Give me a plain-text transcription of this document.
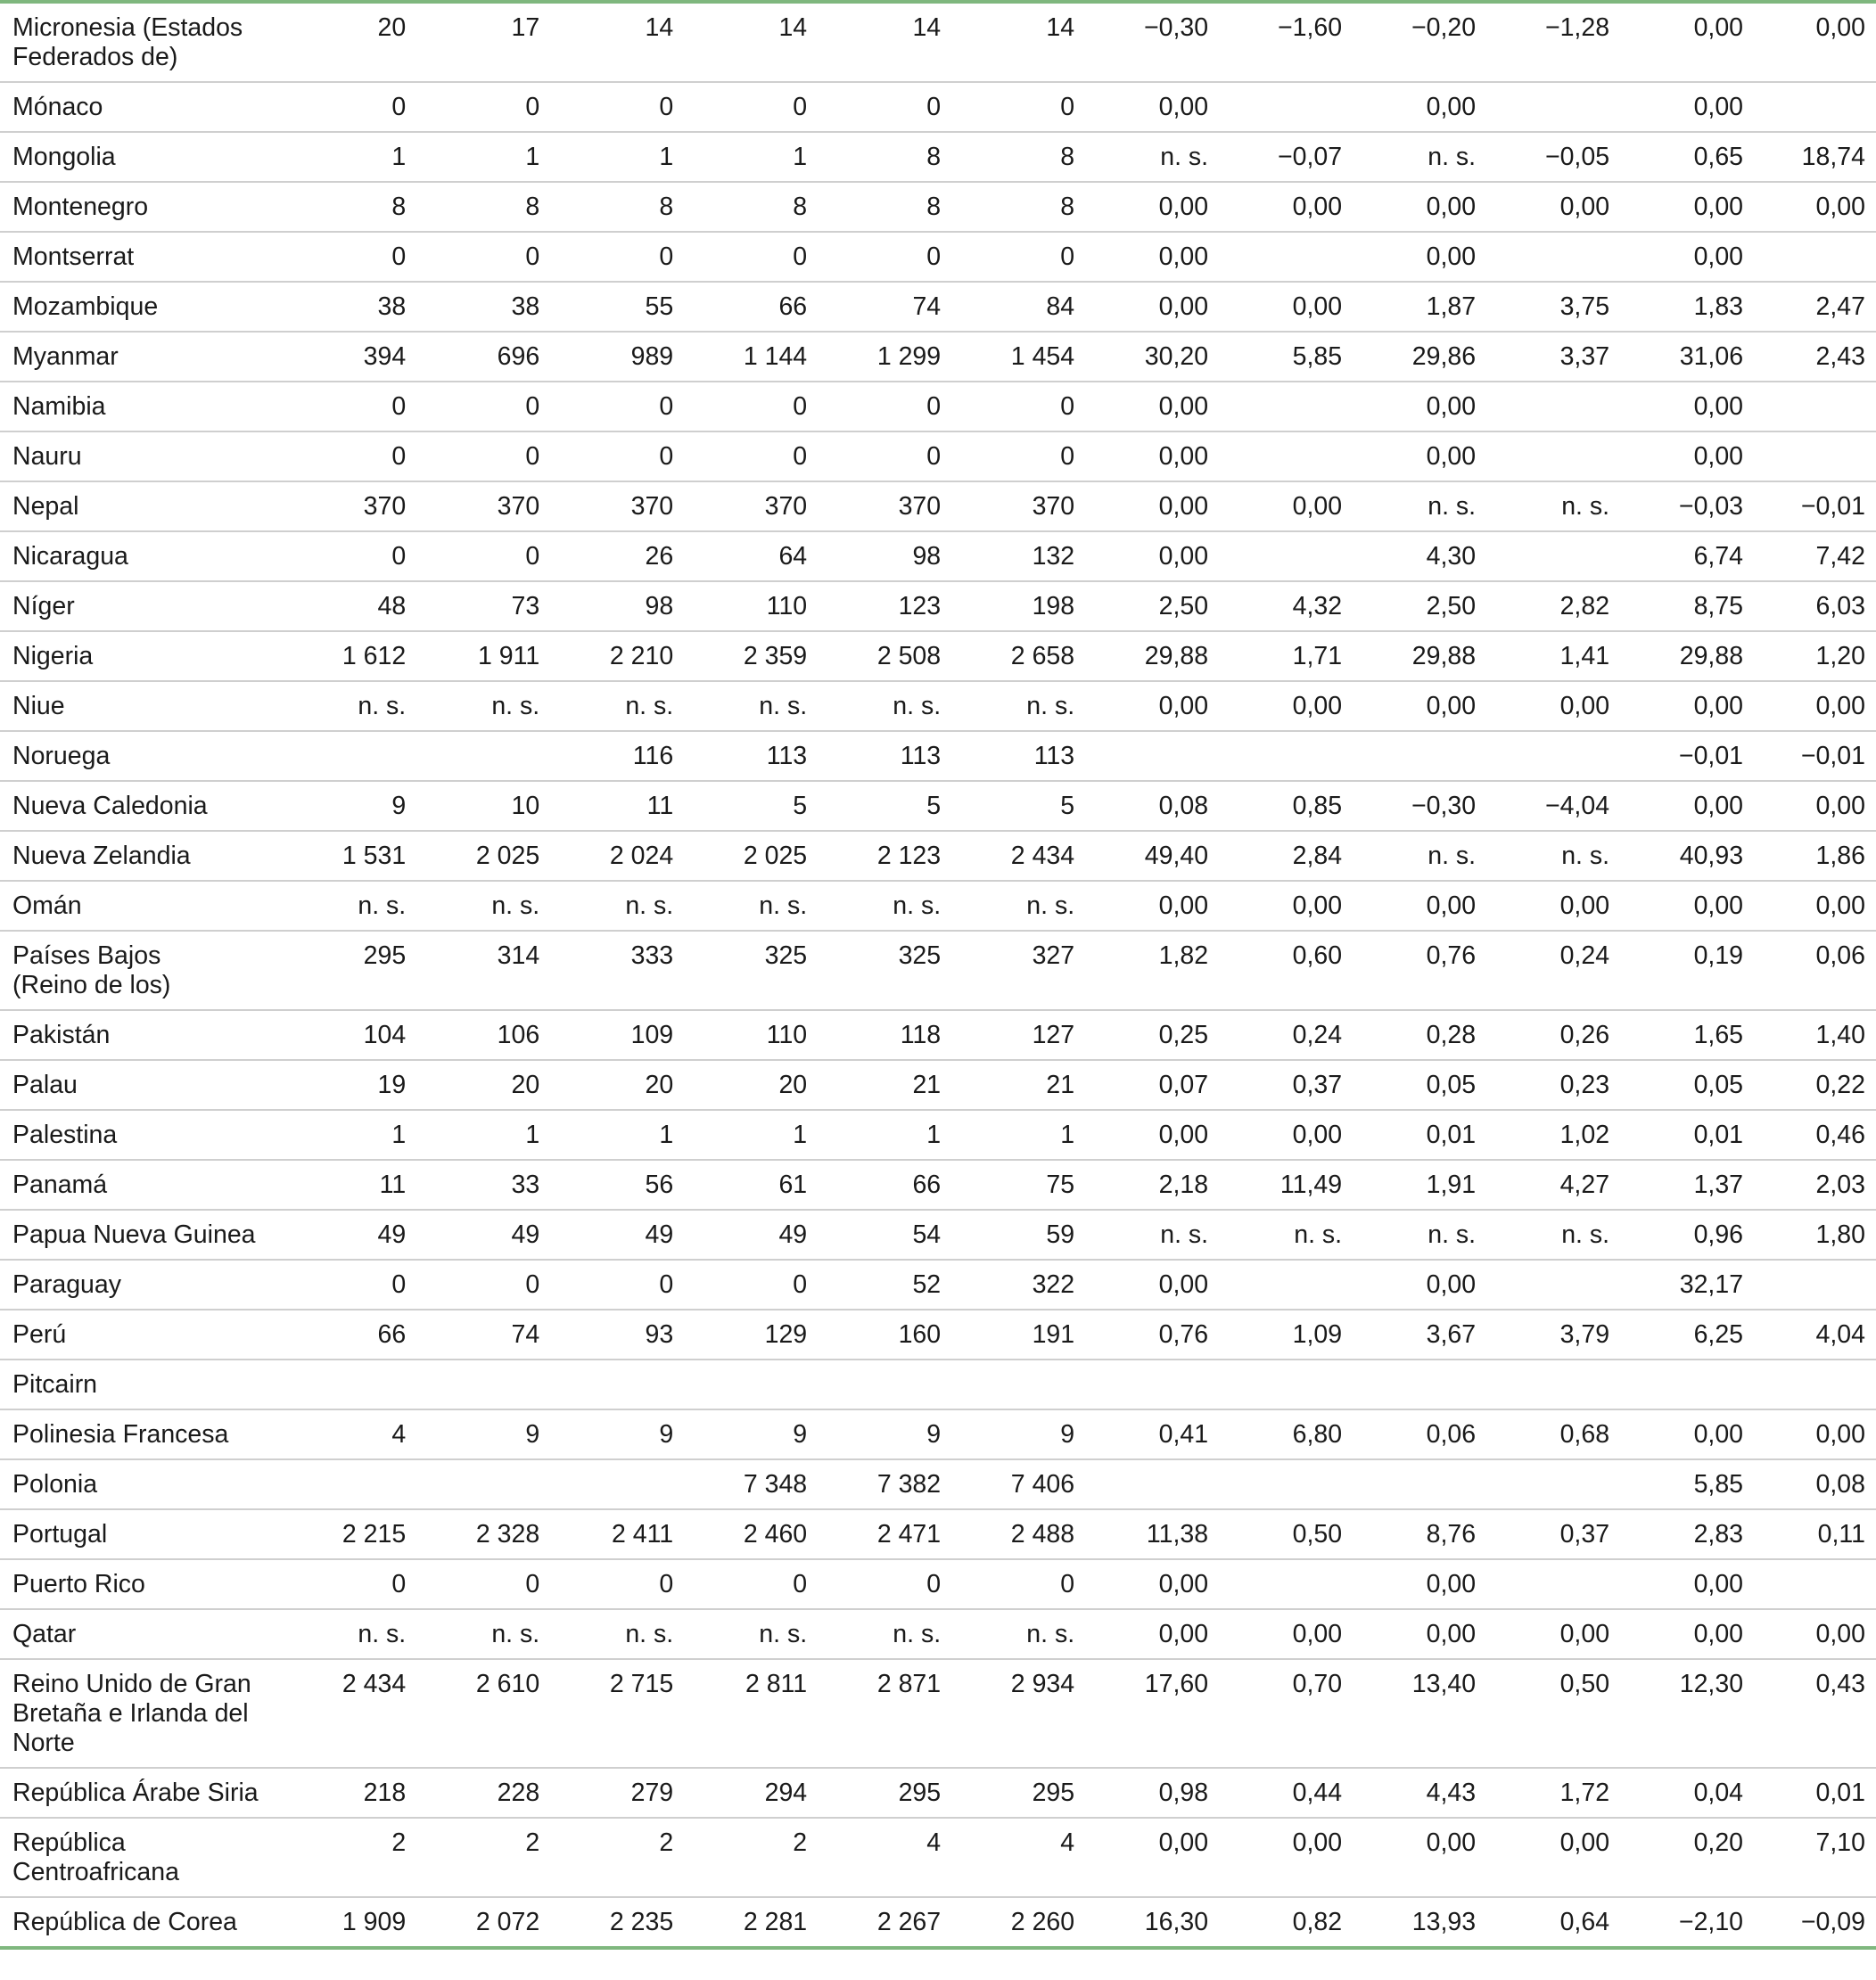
Micronesia (Estados Federados de)	20	17	14	14	14	14	−0,30	−1,60	−0,20	−1,28	0,00	0,00
Mónaco	0	0	0	0	0	0	0,00		0,00		0,00	
Mongolia	1	1	1	1	8	8	n. s.	−0,07	n. s.	−0,05	0,65	18,74
Montenegro	8	8	8	8	8	8	0,00	0,00	0,00	0,00	0,00	0,00
Montserrat	0	0	0	0	0	0	0,00		0,00		0,00	
Mozambique	38	38	55	66	74	84	0,00	0,00	1,87	3,75	1,83	2,47
Myanmar	394	696	989	1 144	1 299	1 454	30,20	5,85	29,86	3,37	31,06	2,43
Namibia	0	0	0	0	0	0	0,00		0,00		0,00	
Nauru	0	0	0	0	0	0	0,00		0,00		0,00	
Nepal	370	370	370	370	370	370	0,00	0,00	n. s.	n. s.	−0,03	−0,01
Nicaragua	0	0	26	64	98	132	0,00		4,30		6,74	7,42
Níger	48	73	98	110	123	198	2,50	4,32	2,50	2,82	8,75	6,03
Nigeria	1 612	1 911	2 210	2 359	2 508	2 658	29,88	1,71	29,88	1,41	29,88	1,20
Niue	n. s.	n. s.	n. s.	n. s.	n. s.	n. s.	0,00	0,00	0,00	0,00	0,00	0,00
Noruega			116	113	113	113					−0,01	−0,01
Nueva Caledonia	9	10	11	5	5	5	0,08	0,85	−0,30	−4,04	0,00	0,00
Nueva Zelandia	1 531	2 025	2 024	2 025	2 123	2 434	49,40	2,84	n. s.	n. s.	40,93	1,86
Omán	n. s.	n. s.	n. s.	n. s.	n. s.	n. s.	0,00	0,00	0,00	0,00	0,00	0,00
Países Bajos (Reino de los)	295	314	333	325	325	327	1,82	0,60	0,76	0,24	0,19	0,06
Pakistán	104	106	109	110	118	127	0,25	0,24	0,28	0,26	1,65	1,40
Palau	19	20	20	20	21	21	0,07	0,37	0,05	0,23	0,05	0,22
Palestina	1	1	1	1	1	1	0,00	0,00	0,01	1,02	0,01	0,46
Panamá	11	33	56	61	66	75	2,18	11,49	1,91	4,27	1,37	2,03
Papua Nueva Guinea	49	49	49	49	54	59	n. s.	n. s.	n. s.	n. s.	0,96	1,80
Paraguay	0	0	0	0	52	322	0,00		0,00		32,17	
Perú	66	74	93	129	160	191	0,76	1,09	3,67	3,79	6,25	4,04
Pitcairn												
Polinesia Francesa	4	9	9	9	9	9	0,41	6,80	0,06	0,68	0,00	0,00
Polonia				7 348	7 382	7 406					5,85	0,08
Portugal	2 215	2 328	2 411	2 460	2 471	2 488	11,38	0,50	8,76	0,37	2,83	0,11
Puerto Rico	0	0	0	0	0	0	0,00		0,00		0,00	
Qatar	n. s.	n. s.	n. s.	n. s.	n. s.	n. s.	0,00	0,00	0,00	0,00	0,00	0,00
Reino Unido de Gran Bretaña e Irlanda del Norte	2 434	2 610	2 715	2 811	2 871	2 934	17,60	0,70	13,40	0,50	12,30	0,43
República Árabe Siria	218	228	279	294	295	295	0,98	0,44	4,43	1,72	0,04	0,01
República Centroafricana	2	2	2	2	4	4	0,00	0,00	0,00	0,00	0,20	7,10
República de Corea	1 909	2 072	2 235	2 281	2 267	2 260	16,30	0,82	13,93	0,64	−2,10	−0,09
